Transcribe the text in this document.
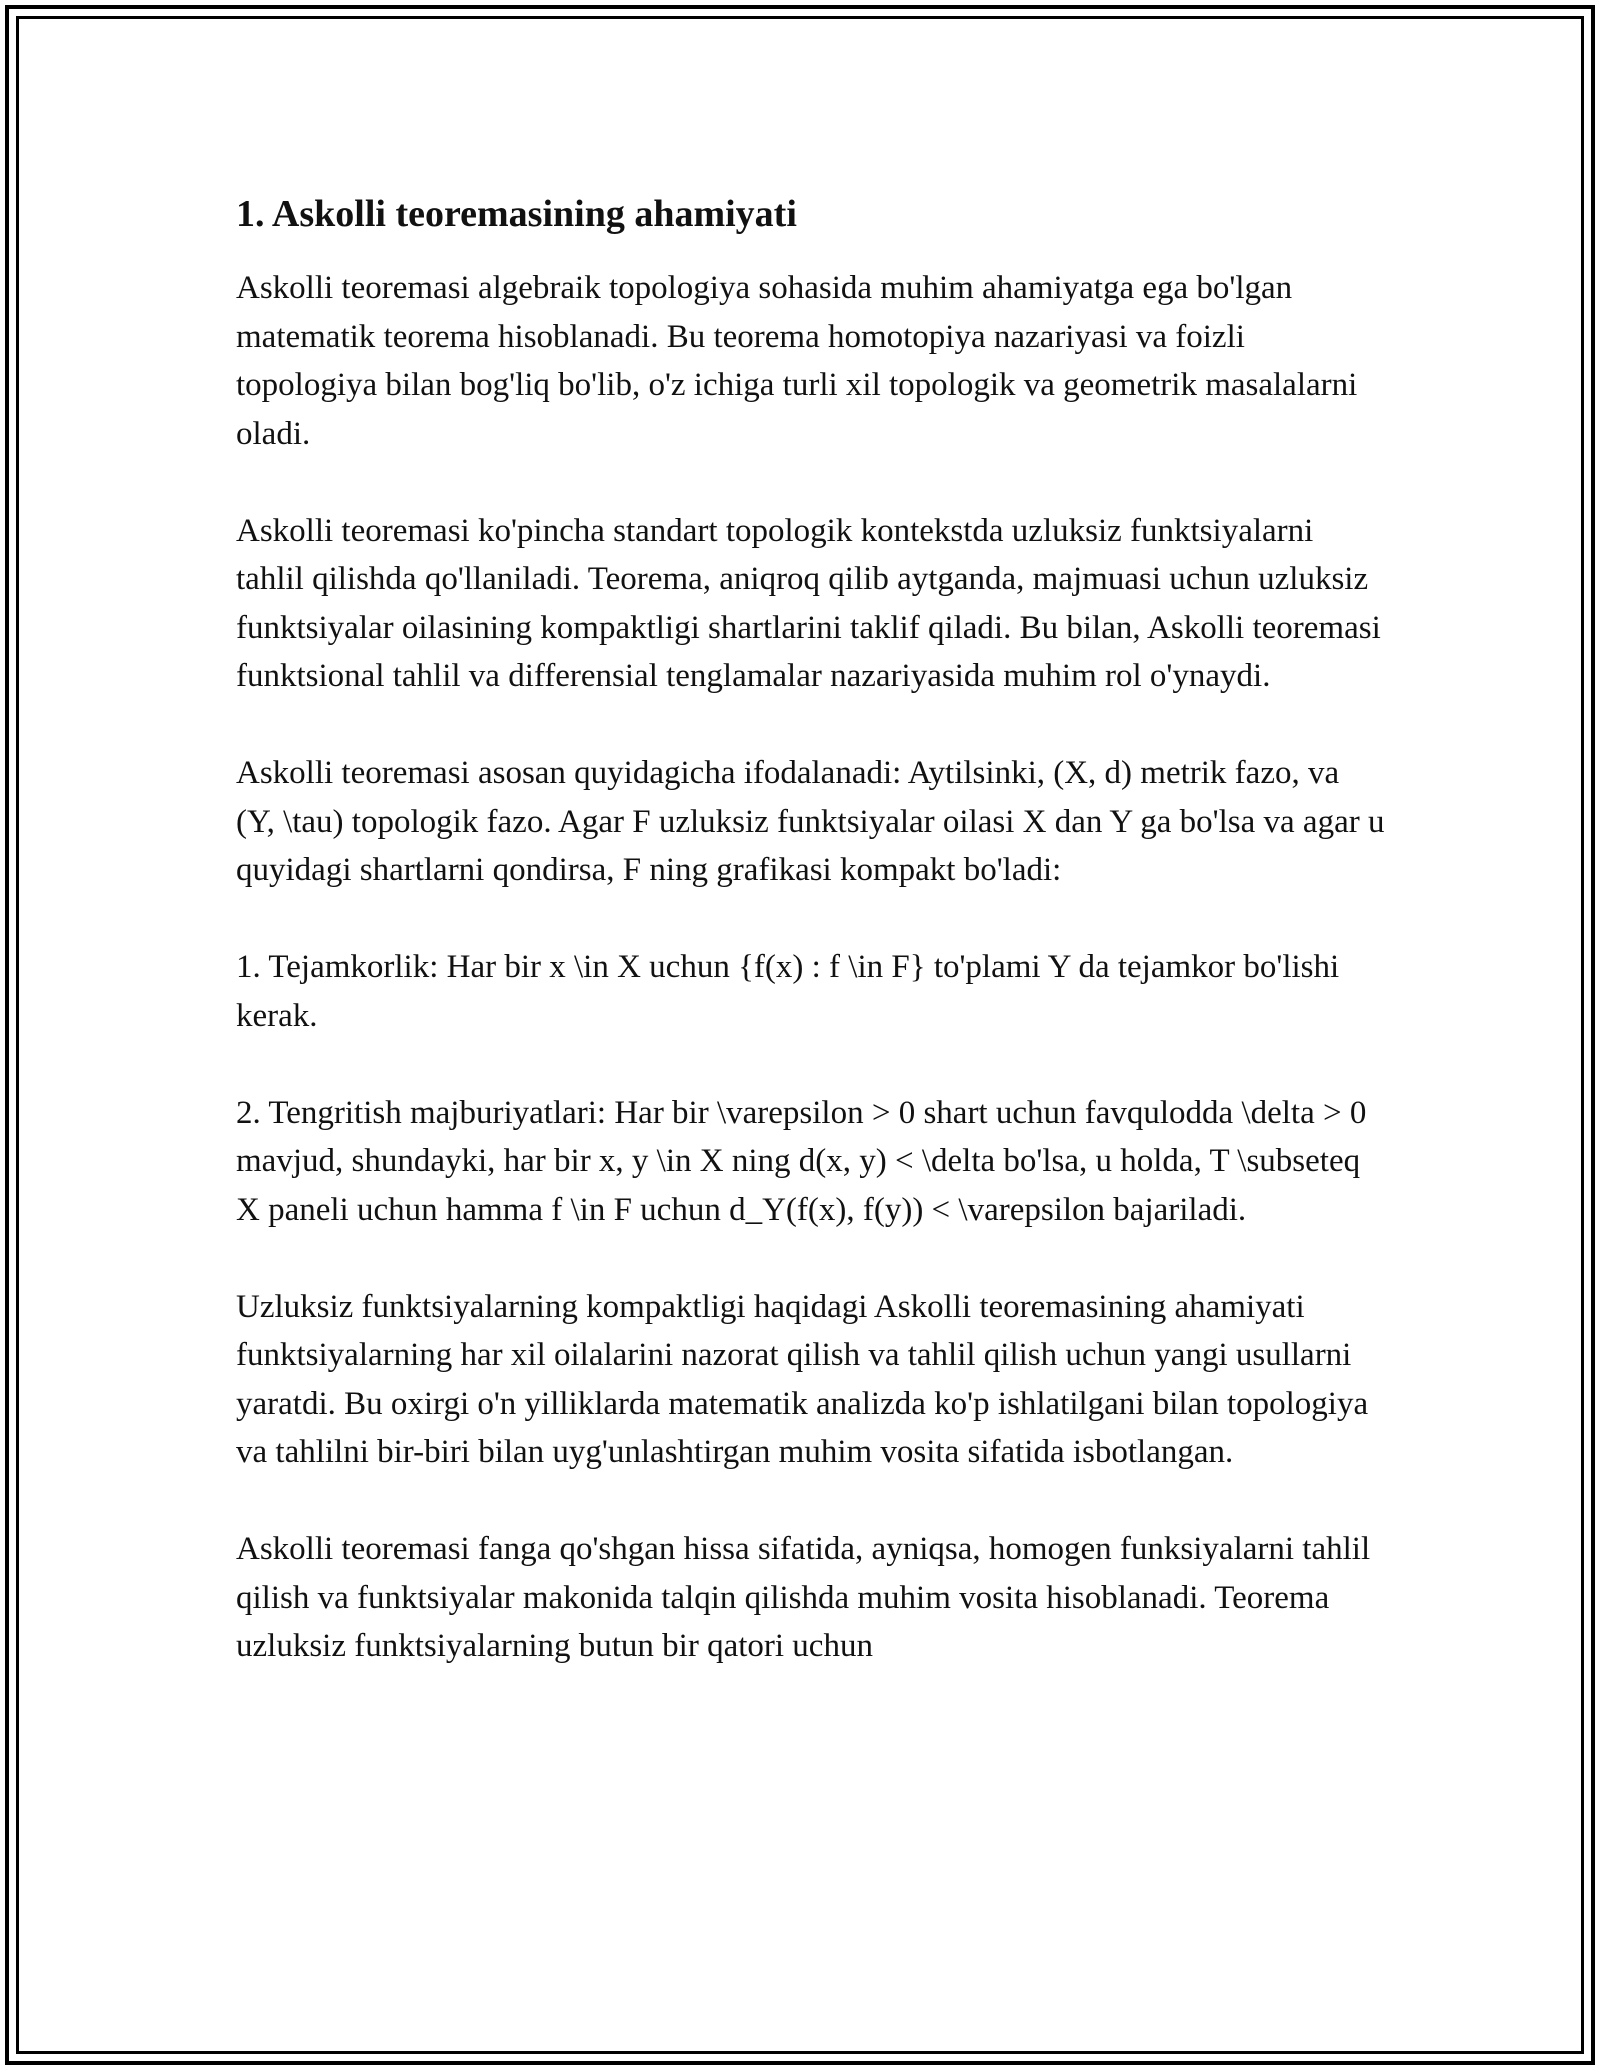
1. Askolli teoremasining ahamiyati

Askolli teoremasi algebraik topologiya sohasida muhim ahamiyatga ega bo'lgan matematik teorema hisoblanadi. Bu teorema homotopiya nazariyasi va foizli topologiya bilan bog'liq bo'lib, o'z ichiga turli xil topologik va geometrik masalalarni oladi.

Askolli teoremasi ko'pincha standart topologik kontekstda uzluksiz funktsiyalarni tahlil qilishda qo'llaniladi. Teorema, aniqroq qilib aytganda, majmuasi uchun uzluksiz funktsiyalar oilasining kompaktligi shartlarini taklif qiladi. Bu bilan, Askolli teoremasi funktsional tahlil va differensial tenglamalar nazariyasida muhim rol o'ynaydi.

Askolli teoremasi asosan quyidagicha ifodalanadi: Aytilsinki, (X, d) metrik fazo, va (Y, \tau) topologik fazo. Agar F uzluksiz funktsiyalar oilasi X dan Y ga bo'lsa va agar u quyidagi shartlarni qondirsa, F ning grafikasi kompakt bo'ladi:

1. Tejamkorlik: Har bir x \in X uchun {f(x) : f \in F} to'plami Y da tejamkor bo'lishi kerak.

2. Tengritish majburiyatlari: Har bir \varepsilon > 0 shart uchun favqulodda \delta > 0 mavjud, shundayki, har bir x, y \in X ning d(x, y) < \delta bo'lsa, u holda, T \subseteq X paneli uchun hamma f \in F uchun d_Y(f(x), f(y)) < \varepsilon bajariladi.

Uzluksiz funktsiyalarning kompaktligi haqidagi Askolli teoremasining ahamiyati funktsiyalarning har xil oilalarini nazorat qilish va tahlil qilish uchun yangi usullarni yaratdi. Bu oxirgi o'n yilliklarda matematik analizda ko'p ishlatilgani bilan topologiya va tahlilni bir-biri bilan uyg'unlashtirgan muhim vosita sifatida isbotlangan.

Askolli teoremasi fanga qo'shgan hissa sifatida, ayniqsa, homogen funksiyalarni tahlil qilish va funktsiyalar makonida talqin qilishda muhim vosita hisoblanadi. Teorema uzluksiz funktsiyalarning butun bir qatori uchun
